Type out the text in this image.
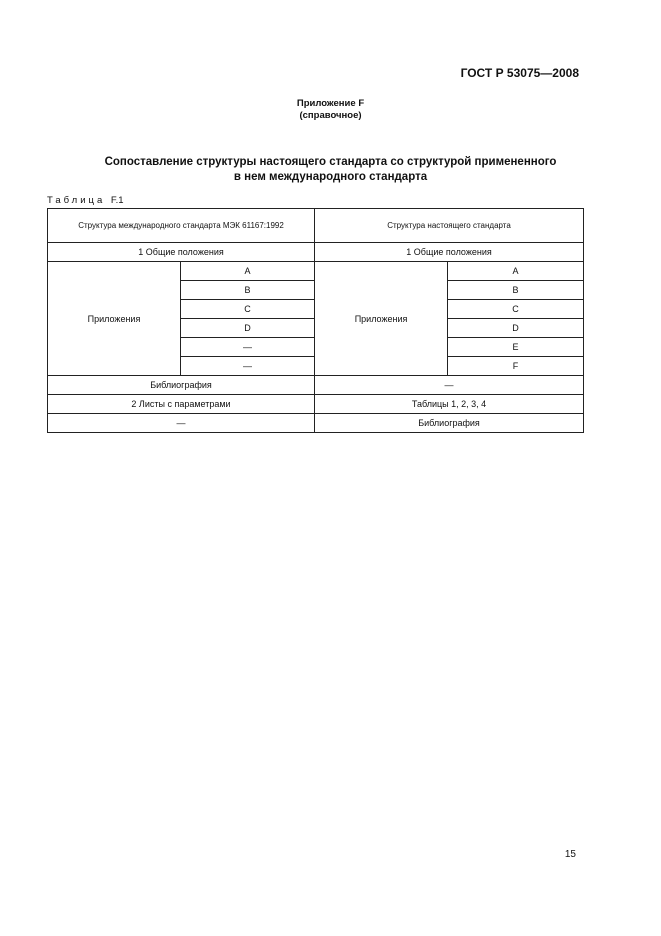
ГОСТ Р 53075—2008
Приложение F
(справочное)
Сопоставление структуры настоящего стандарта со структурой примененного
в нем международного стандарта
Таблица F.1
Структура международного стандарта МЭК 61167:1992		Структура настоящего стандарта	
1 Общие положения		1 Общие положения	
Приложения	A	Приложения	A
	B		B
	C		C
	D		D
	—		E
	—		F
Библиография		—	
2 Листы с параметрами		Таблицы 1, 2, 3, 4	
—		Библиография	
15
